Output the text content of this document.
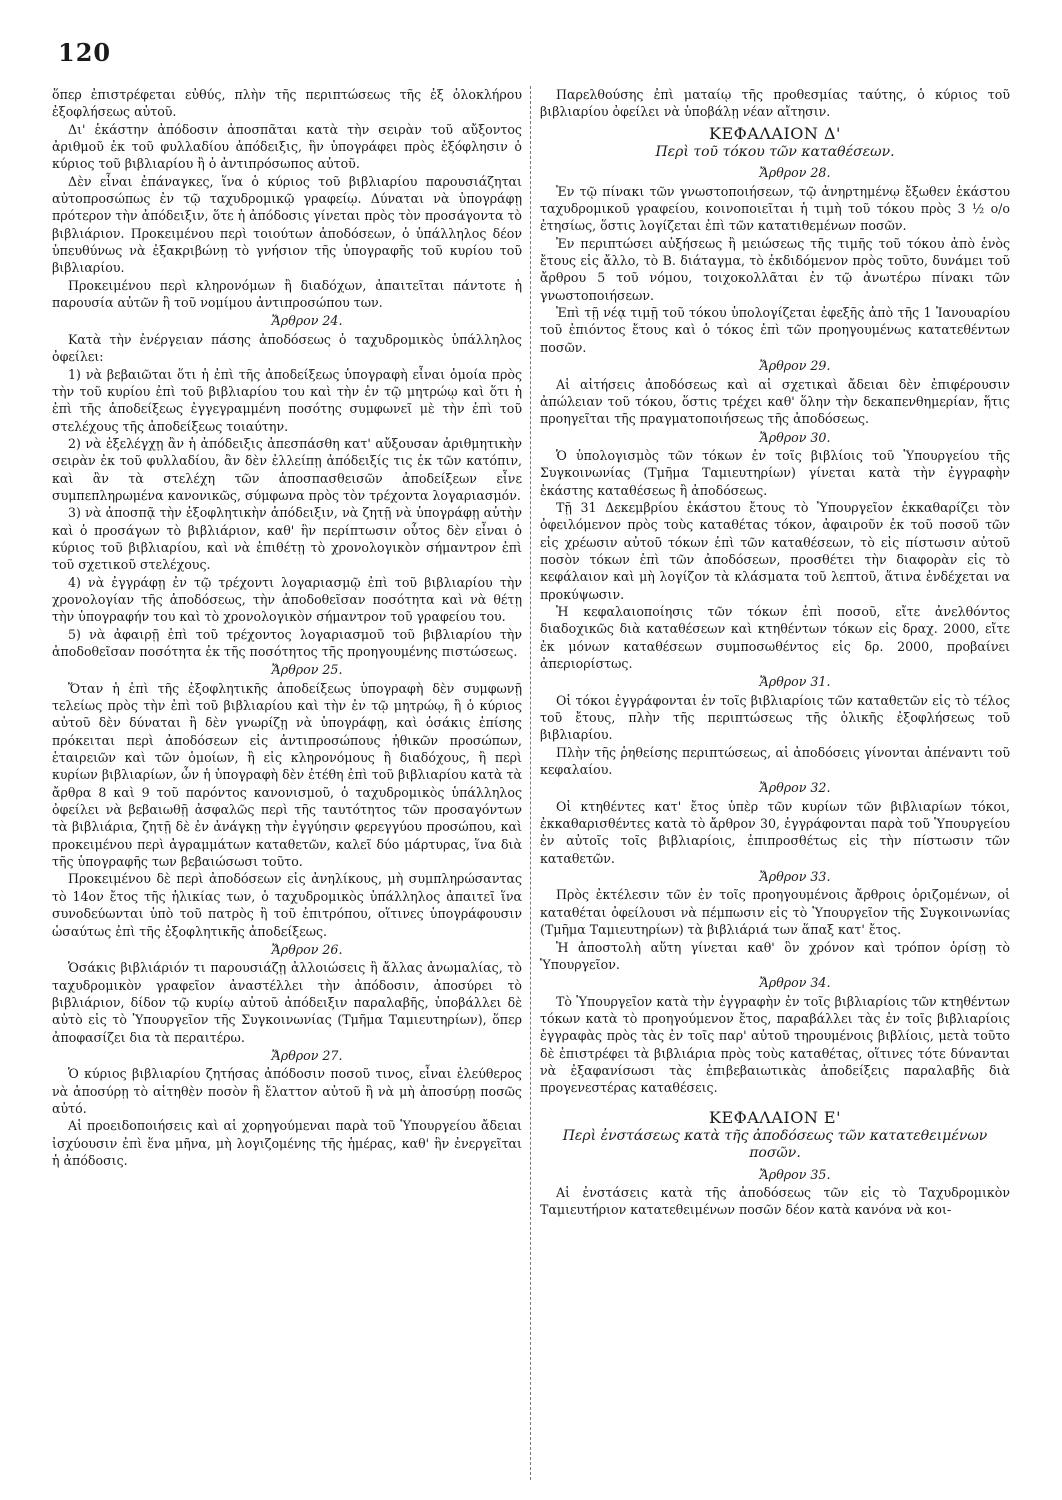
120

ὅπερ ἐπιστρέφεται εὐθύς, πλὴν τῆς περιπτώσεως τῆς ἐξ ὁλοκλήρου ἐξοφλήσεως αὐτοῦ.

Δι' ἑκάστην ἀπόδοσιν ἀποσπᾶται κατὰ τὴν σειρὰν τοῦ αὔξοντος ἀριθμοῦ ἐκ τοῦ φυλλαδίου ἀπόδειξις, ἣν ὑπογράφει πρὸς ἐξόφλησιν ὁ κύριος τοῦ βιβλιαρίου ἢ ὁ ἀντιπρόσωπος αὐτοῦ.

Δὲν εἶναι ἐπάναγκες, ἵνα ὁ κύριος τοῦ βιβλιαρίου παρουσιάζηται αὐτοπροσώπως ἐν τῷ ταχυδρομικῷ γραφείῳ. Δύναται νὰ ὑπογράφῃ πρότερον τὴν ἀπόδειξιν, ὅτε ἡ ἀπόδοσις γίνεται πρὸς τὸν προσάγοντα τὸ βιβλιάριον. Προκειμένου περὶ τοιούτων ἀποδόσεων, ὁ ὑπάλληλος δέον ὑπευθύνως νὰ ἐξακριβώνῃ τὸ γνήσιον τῆς ὑπογραφῆς τοῦ κυρίου τοῦ βιβλιαρίου.

Προκειμένου περὶ κληρονόμων ἢ διαδόχων, ἀπαιτεῖται πάντοτε ἡ παρουσία αὐτῶν ἢ τοῦ νομίμου ἀντιπροσώπου των.

Ἄρθρον 24.

Κατὰ τὴν ἐνέργειαν πάσης ἀποδόσεως ὁ ταχυδρομικὸς ὑπάλληλος ὀφείλει:

1) νὰ βεβαιῶται ὅτι ἡ ἐπὶ τῆς ἀποδείξεως ὑπογραφὴ εἶναι ὁμοία πρὸς τὴν τοῦ κυρίου ἐπὶ τοῦ βιβλιαρίου του καὶ τὴν ἐν τῷ μητρώῳ καὶ ὅτι ἡ ἐπὶ τῆς ἀποδείξεως ἐγγεγραμμένη ποσότης συμφωνεῖ μὲ τὴν ἐπὶ τοῦ στελέχους τῆς ἀποδείξεως τοιαύτην.

2) νὰ ἐξελέγχῃ ἂν ἡ ἀπόδειξις ἀπεσπάσθη κατ' αὔξουσαν ἀριθμητικὴν σειρὰν ἐκ τοῦ φυλλαδίου, ἂν δὲν ἐλλείπῃ ἀπόδειξίς τις ἐκ τῶν κατόπιν, καὶ ἂν τὰ στελέχη τῶν ἀποσπασθεισῶν ἀποδείξεων εἶνε συμπεπληρωμένα κανονικῶς, σύμφωνα πρὸς τὸν τρέχοντα λογαριασμόν.

3) νὰ ἀποσπᾷ τὴν ἐξοφλητικὴν ἀπόδειξιν, νὰ ζητῇ νὰ ὑπογράφῃ αὐτὴν καὶ ὁ προσάγων τὸ βιβλιάριον, καθ' ἣν περίπτωσιν οὗτος δὲν εἶναι ὁ κύριος τοῦ βιβλιαρίου, καὶ νὰ ἐπιθέτῃ τὸ χρονολογικὸν σήμαντρον ἐπὶ τοῦ σχετικοῦ στελέχους.

4) νὰ ἐγγράφῃ ἐν τῷ τρέχοντι λογαριασμῷ ἐπὶ τοῦ βιβλιαρίου τὴν χρονολογίαν τῆς ἀποδόσεως, τὴν ἀποδοθεῖσαν ποσότητα καὶ νὰ θέτῃ τὴν ὑπογραφήν του καὶ τὸ χρονολογικὸν σήμαντρον τοῦ γραφείου του.

5) νὰ ἀφαιρῇ ἐπὶ τοῦ τρέχοντος λογαριασμοῦ τοῦ βιβλιαρίου τὴν ἀποδοθεῖσαν ποσότητα ἐκ τῆς ποσότητος τῆς προηγουμένης πιστώσεως.

Ἄρθρον 25.

Ὅταν ἡ ἐπὶ τῆς ἐξοφλητικῆς ἀποδείξεως ὑπογραφὴ δὲν συμφωνῇ τελείως πρὸς τὴν ἐπὶ τοῦ βιβλιαρίου καὶ τὴν ἐν τῷ μητρώῳ, ἢ ὁ κύριος αὐτοῦ δὲν δύναται ἢ δὲν γνωρίζῃ νὰ ὑπογράφῃ, καὶ ὁσάκις ἐπίσης πρόκειται περὶ ἀποδόσεων εἰς ἀντιπροσώπους ἠθικῶν προσώπων, ἑταιρειῶν καὶ τῶν ὁμοίων, ἢ εἰς κληρονόμους ἢ διαδόχους, ἢ περὶ κυρίων βιβλιαρίων, ὧν ἡ ὑπογραφὴ δὲν ἐτέθη ἐπὶ τοῦ βιβλιαρίου κατὰ τὰ ἄρθρα 8 καὶ 9 τοῦ παρόντος κανονισμοῦ, ὁ ταχυδρομικὸς ὑπάλληλος ὀφείλει νὰ βεβαιωθῇ ἀσφαλῶς περὶ τῆς ταυτότητος τῶν προσαγόντων τὰ βιβλιάρια, ζητῇ δὲ ἐν ἀνάγκῃ τὴν ἐγγύησιν φερεγγύου προσώπου, καὶ προκειμένου περὶ ἀγραμμάτων καταθετῶν, καλεῖ δύο μάρτυρας, ἵνα διὰ τῆς ὑπογραφῆς των βεβαιώσωσι τοῦτο.

Προκειμένου δὲ περὶ ἀποδόσεων εἰς ἀνηλίκους, μὴ συμπληρώσαντας τὸ 14ον ἔτος τῆς ἡλικίας των, ὁ ταχυδρομικὸς ὑπάλληλος ἀπαιτεῖ ἵνα συνοδεύωνται ὑπὸ τοῦ πατρὸς ἢ τοῦ ἐπιτρόπου, οἵτινες ὑπογράφουσιν ὡσαύτως ἐπὶ τῆς ἐξοφλητικῆς ἀποδείξεως.

Ἄρθρον 26.

Ὁσάκις βιβλιάριόν τι παρουσιάζῃ ἀλλοιώσεις ἢ ἄλλας ἀνωμαλίας, τὸ ταχυδρομικὸν γραφεῖον ἀναστέλλει τὴν ἀπόδοσιν, ἀποσύρει τὸ βιβλιάριον, δίδον τῷ κυρίῳ αὐτοῦ ἀπόδειξιν παραλαβῆς, ὑποβάλλει δὲ αὐτὸ εἰς τὸ Ὑπουργεῖον τῆς Συγκοινωνίας (Τμῆμα Ταμιευτηρίων), ὅπερ ἀποφασίζει δια τὰ περαιτέρω.

Ἄρθρον 27.

Ὁ κύριος βιβλιαρίου ζητήσας ἀπόδοσιν ποσοῦ τινος, εἶναι ἐλεύθερος νὰ ἀποσύρῃ τὸ αἰτηθὲν ποσὸν ἢ ἔλαττον αὐτοῦ ἢ νὰ μὴ ἀποσύρῃ ποσῶς αὐτό.

Αἱ προειδοποιήσεις καὶ αἱ χορηγούμεναι παρὰ τοῦ Ὑπουργείου ἄδειαι ἰσχύουσιν ἐπὶ ἕνα μῆνα, μὴ λογιζομένης τῆς ἡμέρας, καθ' ἣν ἐνεργεῖται ἡ ἀπόδοσις.

Παρελθούσης ἐπὶ ματαίῳ τῆς προθεσμίας ταύτης, ὁ κύριος τοῦ βιβλιαρίου ὀφείλει νὰ ὑποβάλῃ νέαν αἴτησιν.

ΚΕΦΑΛΑΙΟΝ Δ'
Περὶ τοῦ τόκου τῶν καταθέσεων.
Ἄρθρον 28.

Ἐν τῷ πίνακι τῶν γνωστοποιήσεων, τῷ ἀνηρτημένῳ ἔξωθεν ἑκάστου ταχυδρομικοῦ γραφείου, κοινοποιεῖται ἡ τιμὴ τοῦ τόκου πρὸς 3 ½ ο/ο ἐτησίως, ὅστις λογίζεται ἐπὶ τῶν κατατιθεμένων ποσῶν.

Ἐν περιπτώσει αὐξήσεως ἢ μειώσεως τῆς τιμῆς τοῦ τόκου ἀπὸ ἑνὸς ἔτους εἰς ἄλλο, τὸ Β. διάταγμα, τὸ ἐκδιδόμενον πρὸς τοῦτο, δυνάμει τοῦ ἄρθρου 5 τοῦ νόμου, τοιχοκολλᾶται ἐν τῷ ἀνωτέρω πίνακι τῶν γνωστοποιήσεων.

Ἐπὶ τῇ νέᾳ τιμῇ τοῦ τόκου ὑπολογίζεται ἐφεξῆς ἀπὸ τῆς 1 Ἰανουαρίου τοῦ ἐπιόντος ἔτους καὶ ὁ τόκος ἐπὶ τῶν προηγουμένως κατατεθέντων ποσῶν.

Ἄρθρον 29.

Αἱ αἰτήσεις ἀποδόσεως καὶ αἱ σχετικαὶ ἄδειαι δὲν ἐπιφέρουσιν ἀπώλειαν τοῦ τόκου, ὅστις τρέχει καθ' ὅλην τὴν δεκαπενθημερίαν, ἥτις προηγεῖται τῆς πραγματοποιήσεως τῆς ἀποδόσεως.

Ἄρθρον 30.

Ὁ ὑπολογισμὸς τῶν τόκων ἐν τοῖς βιβλίοις τοῦ Ὑπουργείου τῆς Συγκοινωνίας (Τμῆμα Ταμιευτηρίων) γίνεται κατὰ τὴν ἐγγραφὴν ἑκάστης καταθέσεως ἢ ἀποδόσεως.

Τῇ 31 Δεκεμβρίου ἑκάστου ἔτους τὸ Ὑπουργεῖον ἐκκαθαρίζει τὸν ὀφειλόμενον πρὸς τοὺς καταθέτας τόκον, ἀφαιροῦν ἐκ τοῦ ποσοῦ τῶν εἰς χρέωσιν αὐτοῦ τόκων ἐπὶ τῶν καταθέσεων, τὸ εἰς πίστωσιν αὐτοῦ ποσὸν τόκων ἐπὶ τῶν ἀποδόσεων, προσθέτει τὴν διαφορὰν εἰς τὸ κεφάλαιον καὶ μὴ λογίζον τὰ κλάσματα τοῦ λεπτοῦ, ἅτινα ἐνδέχεται να προκύψωσιν.

Ἡ κεφαλαιοποίησις τῶν τόκων ἐπὶ ποσοῦ, εἴτε ἀνελθόντος διαδοχικῶς διὰ καταθέσεων καὶ κτηθέντων τόκων εἰς δραχ. 2000, εἴτε ἐκ μόνων καταθέσεων συμποσωθέντος εἰς δρ. 2000, προβαίνει ἀπεριορίστως.

Ἄρθρον 31.

Οἱ τόκοι ἐγγράφονται ἐν τοῖς βιβλιαρίοις τῶν καταθετῶν εἰς τὸ τέλος τοῦ ἔτους, πλὴν τῆς περιπτώσεως τῆς ὁλικῆς ἐξοφλήσεως τοῦ βιβλιαρίου.

Πλὴν τῆς ῥηθείσης περιπτώσεως, αἱ ἀποδόσεις γίνονται ἀπέναντι τοῦ κεφαλαίου.

Ἄρθρον 32.

Οἱ κτηθέντες κατ' ἔτος ὑπὲρ τῶν κυρίων τῶν βιβλιαρίων τόκοι, ἐκκαθαρισθέντες κατὰ τὸ ἄρθρον 30, ἐγγράφονται παρὰ τοῦ Ὑπουργείου ἐν αὐτοῖς τοῖς βιβλιαρίοις, ἐπιπροσθέτως εἰς τὴν πίστωσιν τῶν καταθετῶν.

Ἄρθρον 33.

Πρὸς ἐκτέλεσιν τῶν ἐν τοῖς προηγουμένοις ἄρθροις ὁριζομένων, οἱ καταθέται ὀφείλουσι νὰ πέμπωσιν εἰς τὸ Ὑπουργεῖον τῆς Συγκοινωνίας (Τμῆμα Ταμιευτηρίων) τὰ βιβλιάριά των ἅπαξ κατ' ἔτος.

Ἡ ἀποστολὴ αὕτη γίνεται καθ' ὃν χρόνον καὶ τρόπον ὁρίσῃ τὸ Ὑπουργεῖον.

Ἄρθρον 34.

Τὸ Ὑπουργεῖον κατὰ τὴν ἐγγραφὴν ἐν τοῖς βιβλιαρίοις τῶν κτηθέντων τόκων κατὰ τὸ προηγούμενον ἔτος, παραβάλλει τὰς ἐν τοῖς βιβλιαρίοις ἐγγραφὰς πρὸς τὰς ἐν τοῖς παρ' αὐτοῦ τηρουμένοις βιβλίοις, μετὰ τοῦτο δὲ ἐπιστρέφει τὰ βιβλιάρια πρὸς τοὺς καταθέτας, οἵτινες τότε δύνανται νὰ ἐξαφανίσωσι τὰς ἐπιβεβαιωτικὰς ἀποδείξεις παραλαβῆς διὰ προγενεστέρας καταθέσεις.

ΚΕΦΑΛΑΙΟΝ Ε'
Περὶ ἐνστάσεως κατὰ τῆς ἀποδόσεως τῶν κατατεθειμένων ποσῶν.
Ἄρθρον 35.

Αἱ ἐνστάσεις κατὰ τῆς ἀποδόσεως τῶν εἰς τὸ Ταχυδρομικὸν Ταμιευτήριον κατατεθειμένων ποσῶν δέον κατὰ κανόνα νὰ κοι-
